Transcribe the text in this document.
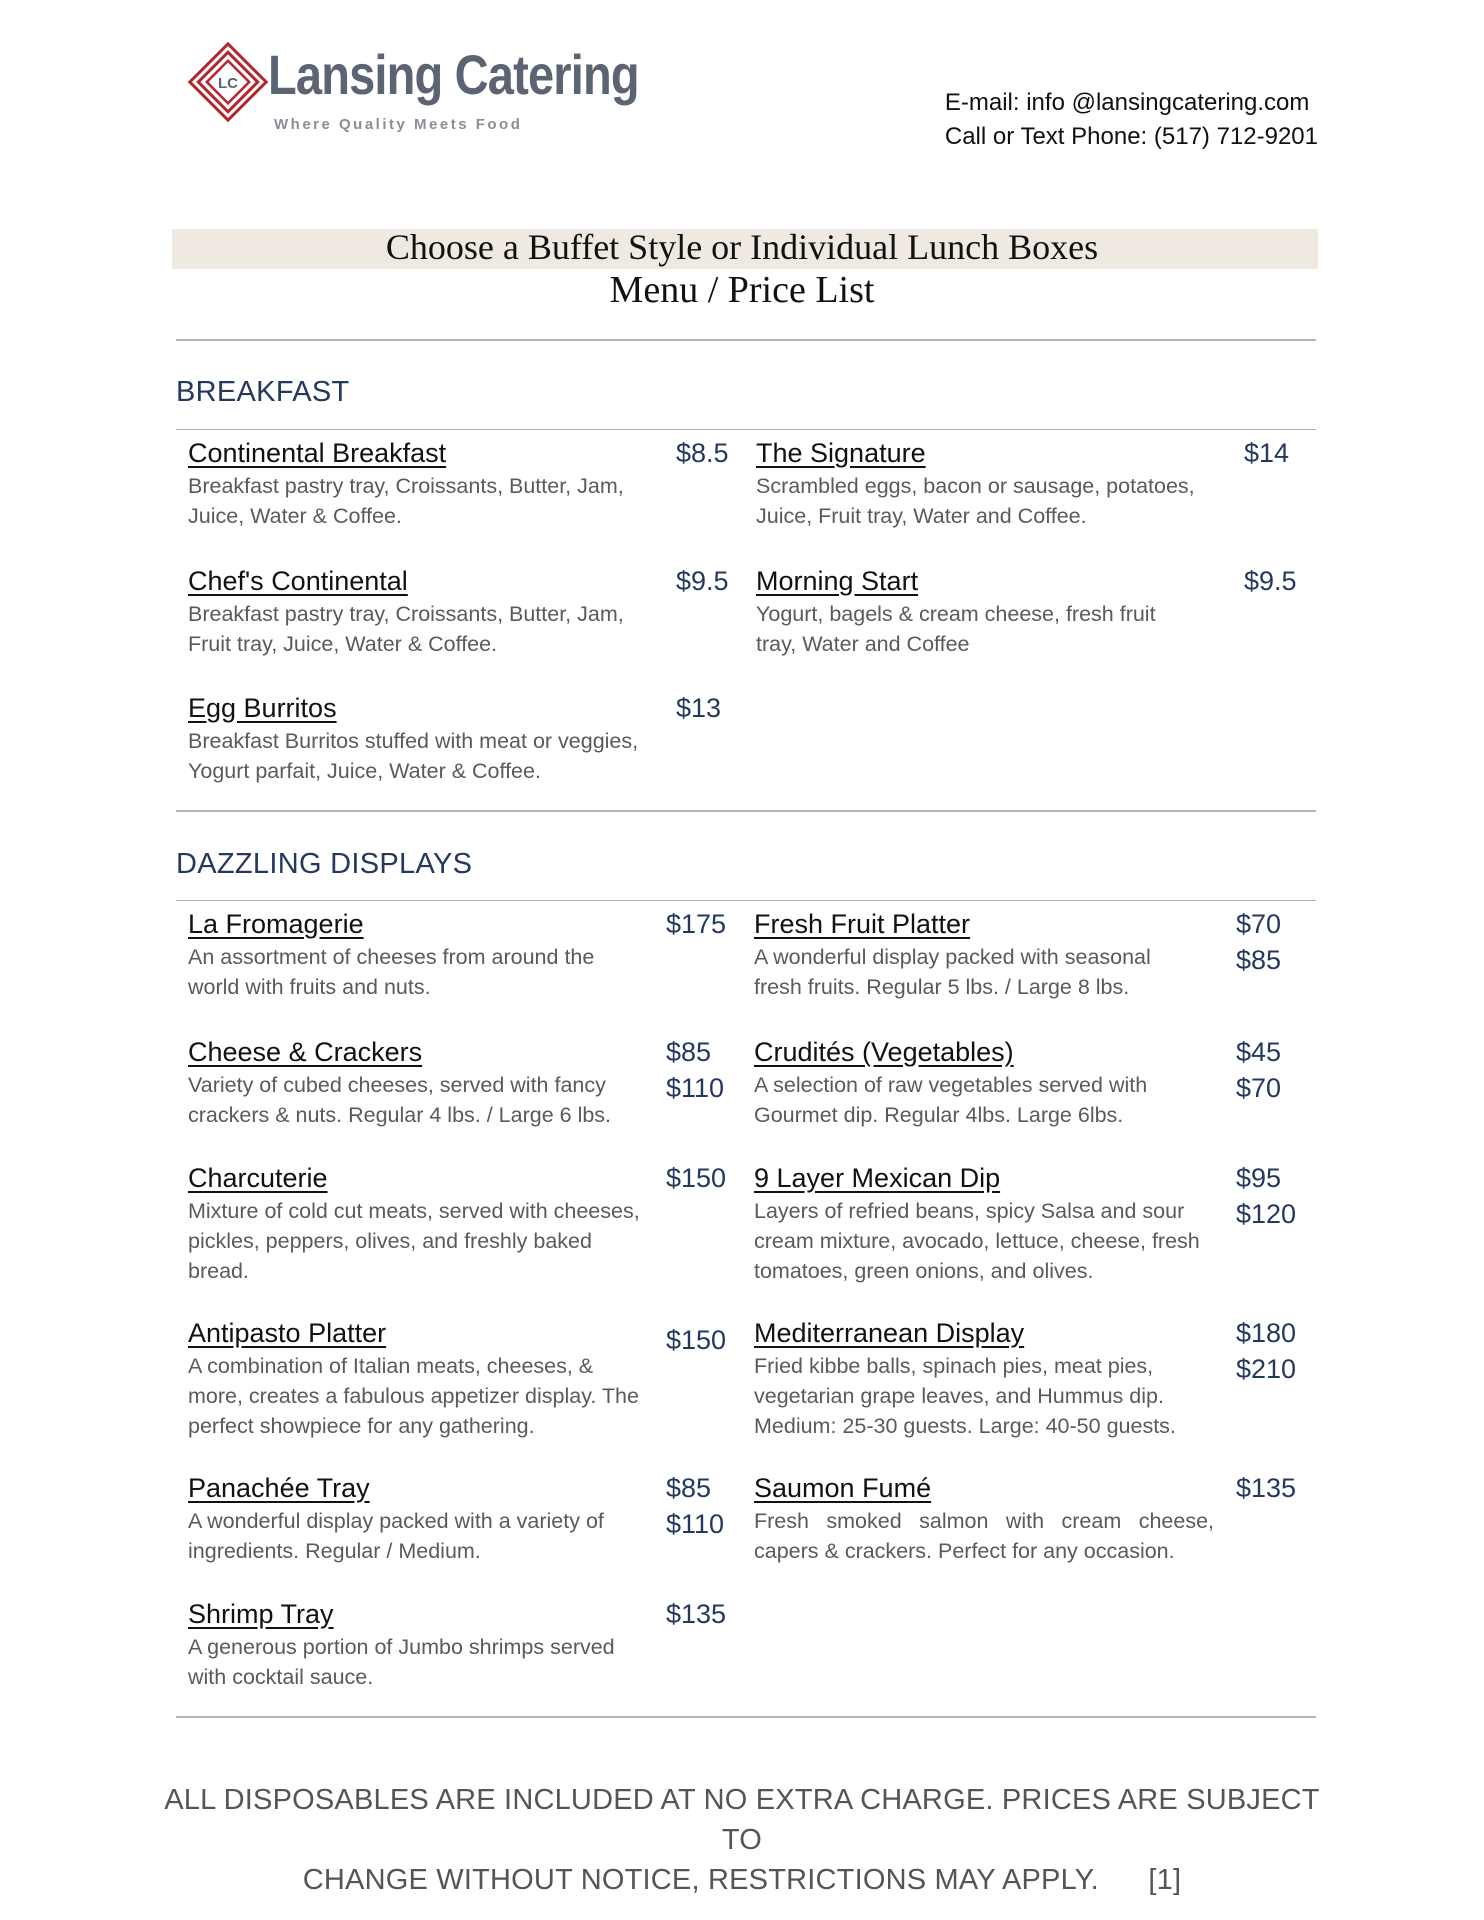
LC Lansing Catering
Where Quality Meets Food
E-mail: info @lansingcatering.com
Call or Text Phone: (517) 712-9201
Choose a Buffet Style or Individual Lunch Boxes
Menu / Price List
BREAKFAST
Continental Breakfast
Breakfast pastry tray, Croissants, Butter, Jam, Juice, Water & Coffee.
$8.5 The Signature
Scrambled eggs, bacon or sausage, potatoes, Juice, Fruit tray, Water and Coffee.
$14
Chef's Continental
Breakfast pastry tray, Croissants, Butter, Jam, Fruit tray, Juice, Water & Coffee.
$9.5 Morning Start
Yogurt, bagels & cream cheese, fresh fruit tray, Water and Coffee
$9.5
Egg Burritos
Breakfast Burritos stuffed with meat or veggies, Yogurt parfait, Juice, Water & Coffee.
$13
DAZZLING DISPLAYS
La Fromagerie
An assortment of cheeses from around the world with fruits and nuts.
$175 Fresh Fruit Platter
A wonderful display packed with seasonal fresh fruits. Regular 5 lbs. / Large 8 lbs.
$70
$85
Cheese & Crackers
Variety of cubed cheeses, served with fancy crackers & nuts. Regular 4 lbs. / Large 6 lbs.
$85
$110
Crudités (Vegetables)
A selection of raw vegetables served with Gourmet dip. Regular 4lbs. Large 6lbs.
$45
$70
Charcuterie
Mixture of cold cut meats, served with cheeses, pickles, peppers, olives, and freshly baked bread.
$150 9 Layer Mexican Dip
Layers of refried beans, spicy Salsa and sour cream mixture, avocado, lettuce, cheese, fresh tomatoes, green onions, and olives.
$95
$120
Antipasto Platter
A combination of Italian meats, cheeses, & more, creates a fabulous appetizer display. The perfect showpiece for any gathering.
$150 Mediterranean Display
Fried kibbe balls, spinach pies, meat pies, vegetarian grape leaves, and Hummus dip. Medium: 25-30 guests. Large: 40-50 guests.
$180
$210
Panachée Tray
A wonderful display packed with a variety of ingredients. Regular / Medium.
$85
$110
Saumon Fumé
Fresh smoked salmon with cream cheese, capers & crackers. Perfect for any occasion.
$135
Shrimp Tray
A generous portion of Jumbo shrimps served with cocktail sauce.
$135
ALL DISPOSABLES ARE INCLUDED AT NO EXTRA CHARGE. PRICES ARE SUBJECT TO
CHANGE WITHOUT NOTICE, RESTRICTIONS MAY APPLY. [1]
